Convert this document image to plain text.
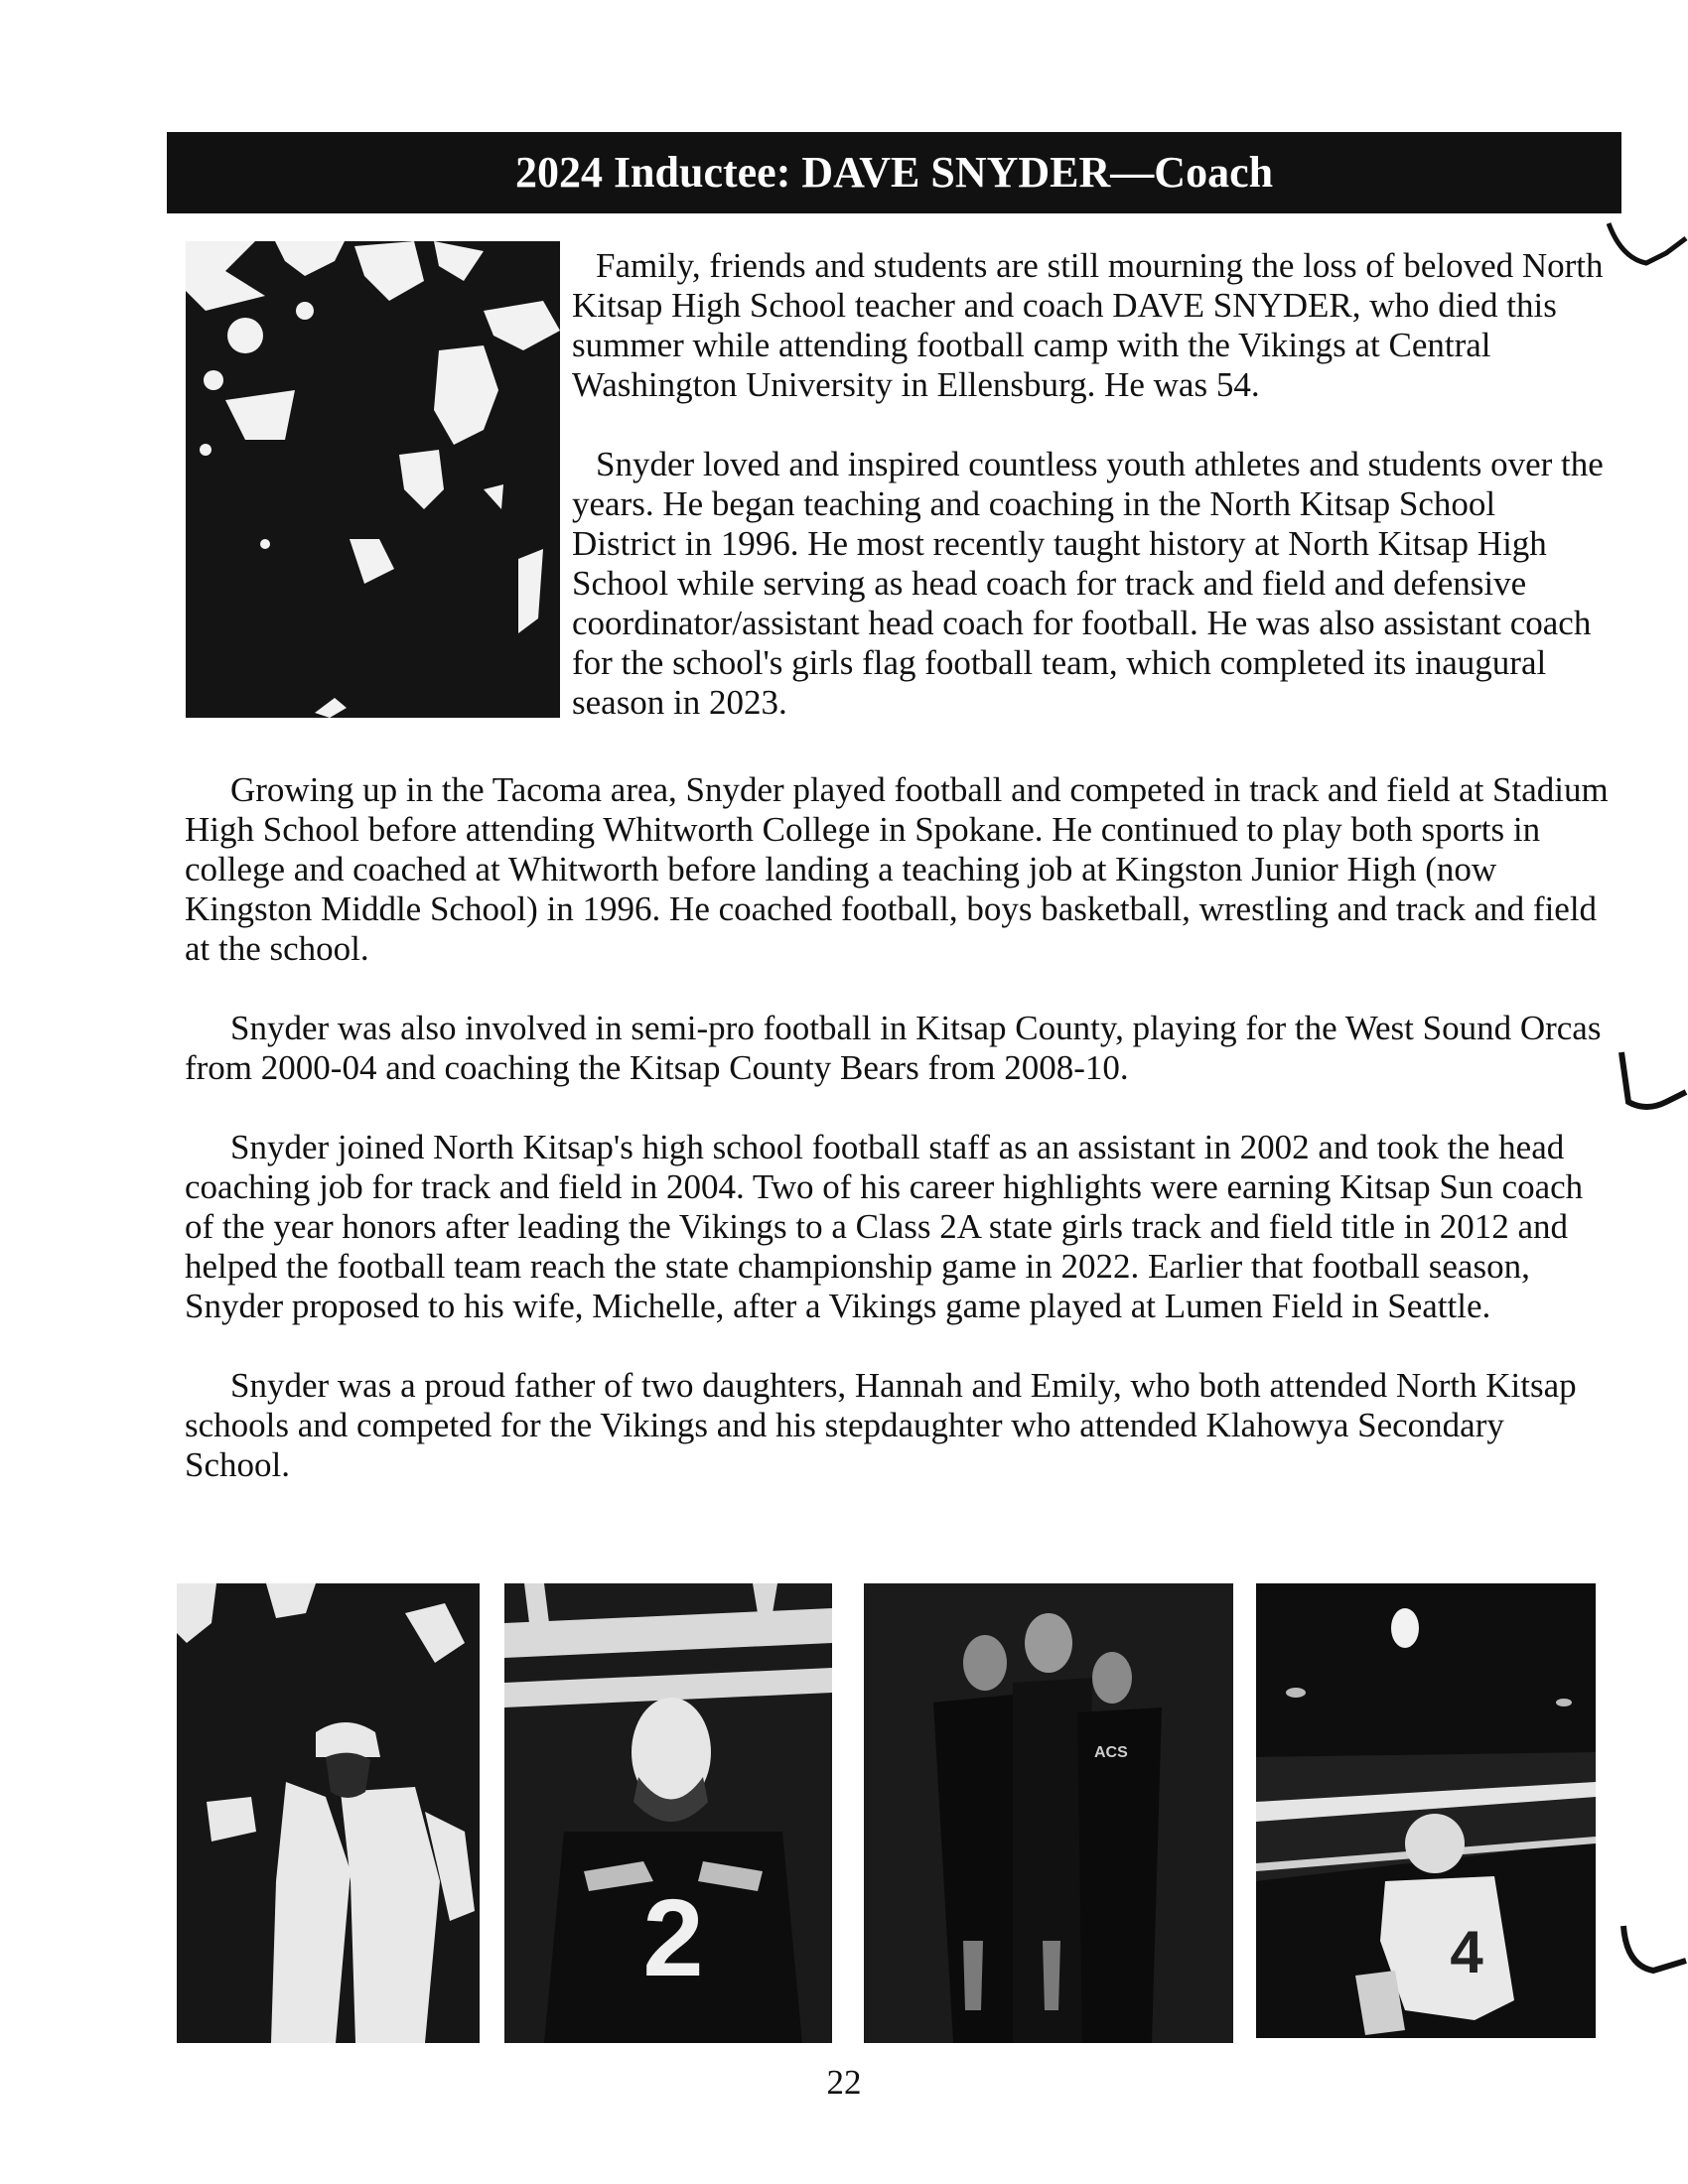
2024 Inductee: DAVE SNYDER—Coach

Family, friends and students are still mourning the loss of beloved North Kitsap High School teacher and coach DAVE SNYDER, who died this summer while attending football camp with the Vikings at Central Washington University in Ellensburg. He was 54.

Snyder loved and inspired countless youth athletes and students over the years. He began teaching and coaching in the North Kitsap School District in 1996. He most recently taught history at North Kitsap High School while serving as head coach for track and field and defensive coordinator/assistant head coach for football. He was also assistant coach for the school's girls flag football team, which completed its inaugural season in 2023.

Growing up in the Tacoma area, Snyder played football and competed in track and field at Stadium High School before attending Whitworth College in Spokane. He continued to play both sports in college and coached at Whitworth before landing a teaching job at Kingston Junior High (now Kingston Middle School) in 1996. He coached football, boys basketball, wrestling and track and field at the school.

Snyder was also involved in semi-pro football in Kitsap County, playing for the West Sound Orcas from 2000-04 and coaching the Kitsap County Bears from 2008-10.

Snyder joined North Kitsap's high school football staff as an assistant in 2002 and took the head coaching job for track and field in 2004. Two of his career highlights were earning Kitsap Sun coach of the year honors after leading the Vikings to a Class 2A state girls track and field title in 2012 and helped the football team reach the state championship game in 2022. Earlier that football season, Snyder proposed to his wife, Michelle, after a Vikings game played at Lumen Field in Seattle.

Snyder was a proud father of two daughters, Hannah and Emily, who both attended North Kitsap schools and competed for the Vikings and his stepdaughter who attended Klahowya Secondary School.

2
ACS
4
22
